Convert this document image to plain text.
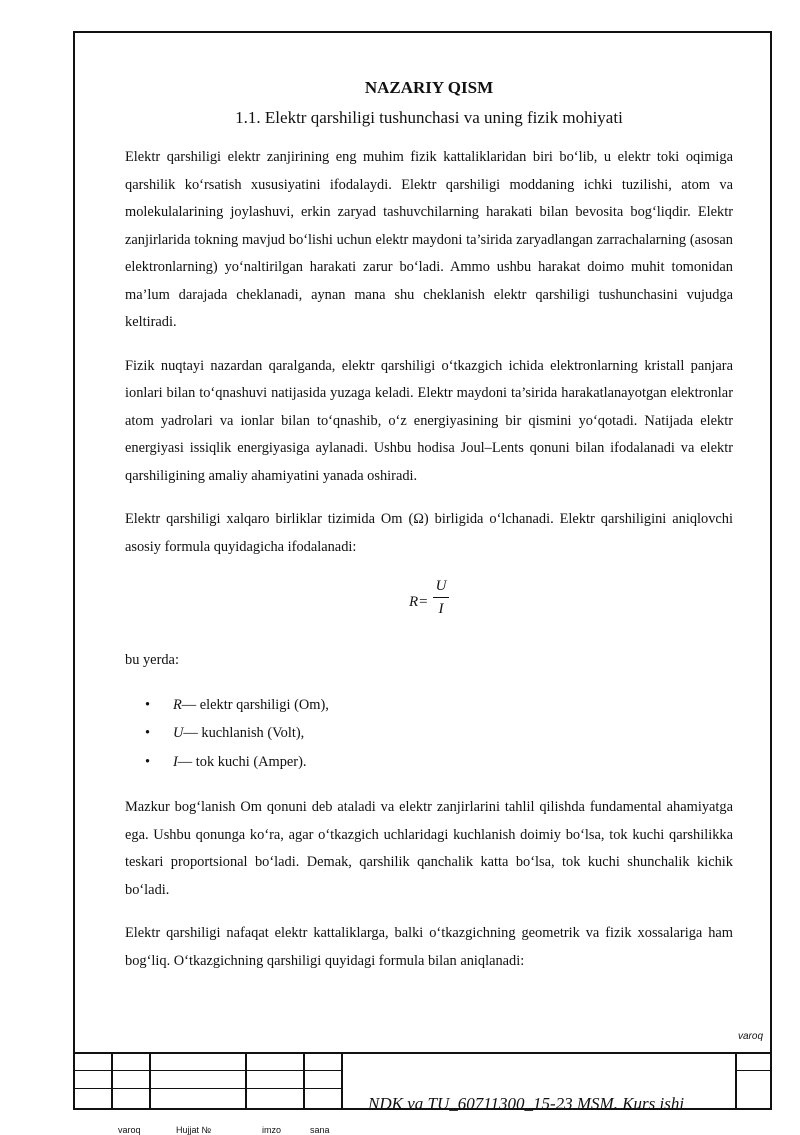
NAZARIY QISM
1.1. Elektr qarshiligi tushunchasi va uning fizik mohiyati

Elektr qarshiligi elektr zanjirining eng muhim fizik kattaliklaridan biri bo‘lib, u elektr toki oqimiga qarshilik ko‘rsatish xususiyatini ifodalaydi. Elektr qarshiligi moddaning ichki tuzilishi, atom va molekulalarining joylashuvi, erkin zaryad tashuvchilarning harakati bilan bevosita bog‘liqdir. Elektr zanjirlarida tokning mavjud bo‘lishi uchun elektr maydoni ta’sirida zaryadlangan zarrachalarning (asosan elektronlarning) yo‘naltirilgan harakati zarur bo‘ladi. Ammo ushbu harakat doimo muhit tomonidan ma’lum darajada cheklanadi, aynan mana shu cheklanish elektr qarshiligi tushunchasini vujudga keltiradi.

Fizik nuqtayi nazardan qaralganda, elektr qarshiligi o‘tkazgich ichida elektronlarning kristall panjara ionlari bilan to‘qnashuvi natijasida yuzaga keladi. Elektr maydoni ta’sirida harakatlanayotgan elektronlar atom yadrolari va ionlar bilan to‘qnashib, o‘z energiyasining bir qismini yo‘qotadi. Natijada elektr energiyasi issiqlik energiyasiga aylanadi. Ushbu hodisa Joul–Lents qonuni bilan ifodalanadi va elektr qarshiligining amaliy ahamiyatini yanada oshiradi.

Elektr qarshiligi xalqaro birliklar tizimida Om (Ω) birligida o‘lchanadi. Elektr qarshiligini aniqlovchi asosiy formula quyidagicha ifodalanadi:

R=
U
I

bu yerda:

• R— elektr qarshiligi (Om),
• U— kuchlanish (Volt),
• I— tok kuchi (Amper).

Mazkur bog‘lanish Om qonuni deb ataladi va elektr zanjirlarini tahlil qilishda fundamental ahamiyatga ega. Ushbu qonunga ko‘ra, agar o‘tkazgich uchlaridagi kuchlanish doimiy bo‘lsa, tok kuchi qarshilikka teskari proportsional bo‘ladi. Demak, qarshilik qanchalik katta bo‘lsa, tok kuchi shunchalik kichik bo‘ladi.

Elektr qarshiligi nafaqat elektr kattaliklarga, balki o‘tkazgichning geometrik va fizik xossalariga ham bog‘liq. O‘tkazgichning qarshiligi quyidagi formula bilan aniqlanadi:

varoq
NDK va TU_60711300_15-23 MSM. Kurs ishi
varoq	Hujjat №	imzo	sana
